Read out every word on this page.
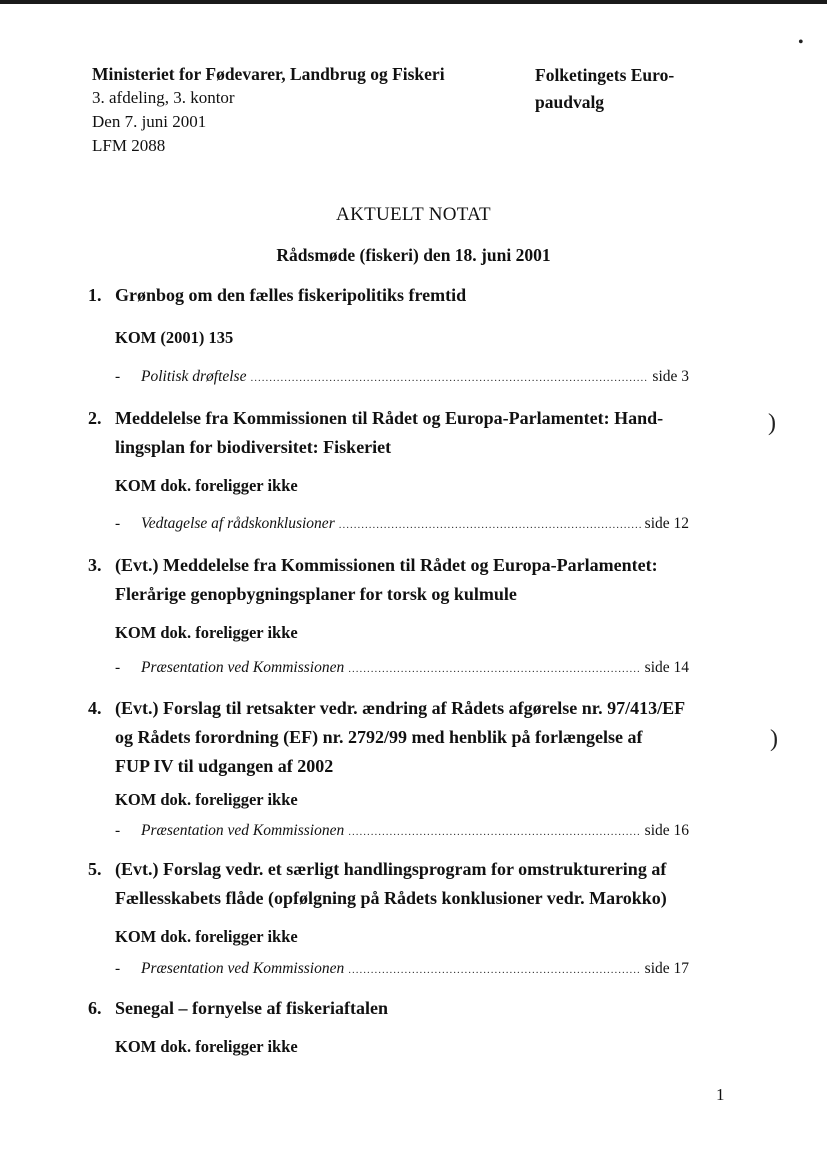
•
)
)
Ministeriet for Fødevarer, Landbrug og Fiskeri
3. afdeling, 3. kontor
Den 7. juni 2001
LFM 2088
Folketingets Euro-
paudvalg
AKTUELT NOTAT
Rådsmøde (fiskeri) den 18. juni 2001
1. Grønbog om den fælles fiskeripolitiks fremtid
KOM (2001) 135
-	Politisk drøftelse .....	side 3
2. Meddelelse fra Kommissionen til Rådet og Europa-Parlamentet: Hand-
lingsplan for biodiversitet: Fiskeriet
KOM dok. foreligger ikke
-	Vedtagelse af rådskonklusioner .....	side 12
3. (Evt.) Meddelelse fra Kommissionen til Rådet og Europa-Parlamentet:
Flerårige genopbygningsplaner for torsk og kulmule
KOM dok. foreligger ikke
-	Præsentation ved Kommissionen .....	side 14
4. (Evt.) Forslag til retsakter vedr. ændring af Rådets afgørelse nr. 97/413/EF
og Rådets forordning (EF) nr. 2792/99 med henblik på forlængelse af
FUP IV til udgangen af 2002
KOM dok. foreligger ikke
-	Præsentation ved Kommissionen .....	side 16
5. (Evt.) Forslag vedr. et særligt handlingsprogram for omstrukturering af
Fællesskabets flåde (opfølgning på Rådets konklusioner vedr. Marokko)
KOM dok. foreligger ikke
-	Præsentation ved Kommissionen .....	side 17
6. Senegal – fornyelse af fiskeriaftalen
KOM dok. foreligger ikke
1
